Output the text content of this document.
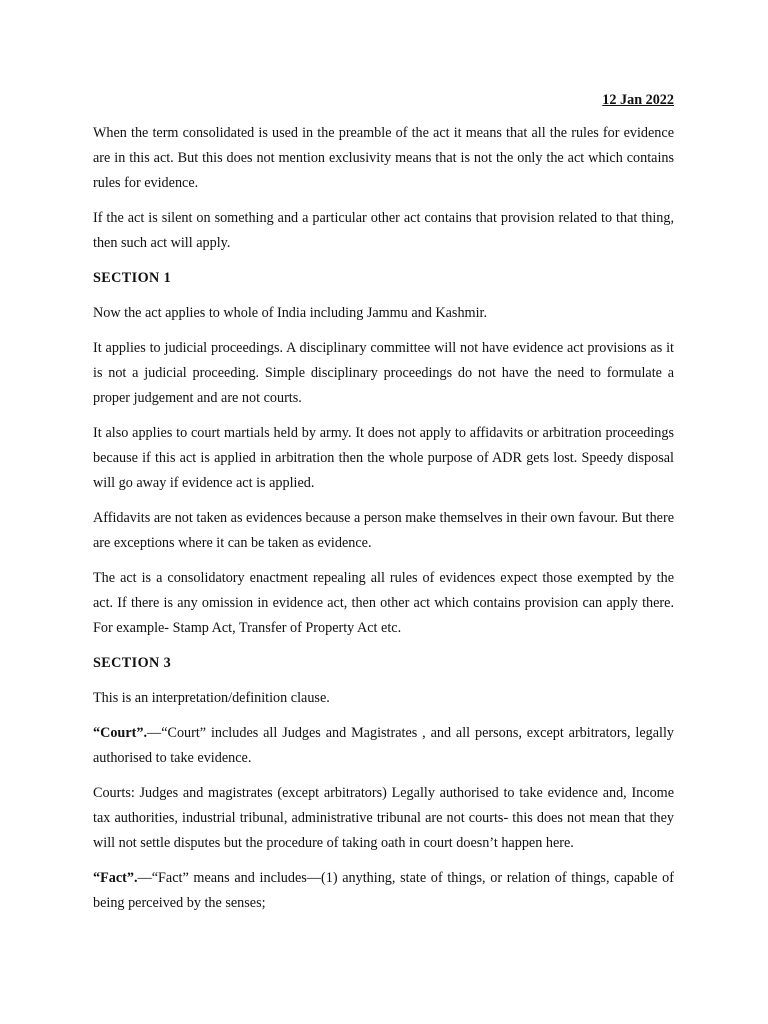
12 Jan 2022

When the term consolidated is used in the preamble of the act it means that all the rules for evidence are in this act. But this does not mention exclusivity means that is not the only the act which contains rules for evidence.

If the act is silent on something and a particular other act contains that provision related to that thing, then such act will apply.

SECTION 1

Now the act applies to whole of India including Jammu and Kashmir.

It applies to judicial proceedings. A disciplinary committee will not have evidence act provisions as it is not a judicial proceeding. Simple disciplinary proceedings do not have the need to formulate a proper judgement and are not courts.

It also applies to court martials held by army. It does not apply to affidavits or arbitration proceedings because if this act is applied in arbitration then the whole purpose of ADR gets lost. Speedy disposal will go away if evidence act is applied.

Affidavits are not taken as evidences because a person make themselves in their own favour. But there are exceptions where it can be taken as evidence.

The act is a consolidatory enactment repealing all rules of evidences expect those exempted by the act. If there is any omission in evidence act, then other act which contains provision can apply there. For example- Stamp Act, Transfer of Property Act etc.

SECTION 3

This is an interpretation/definition clause.

“Court”.—“Court” includes all Judges and Magistrates , and all persons, except arbitrators, legally authorised to take evidence.

Courts: Judges and magistrates (except arbitrators) Legally authorised to take evidence and, Income tax authorities, industrial tribunal, administrative tribunal are not courts- this does not mean that they will not settle disputes but the procedure of taking oath in court doesn’t happen here.

“Fact”.—“Fact” means and includes—(1) anything, state of things, or relation of things, capable of being perceived by the senses;
